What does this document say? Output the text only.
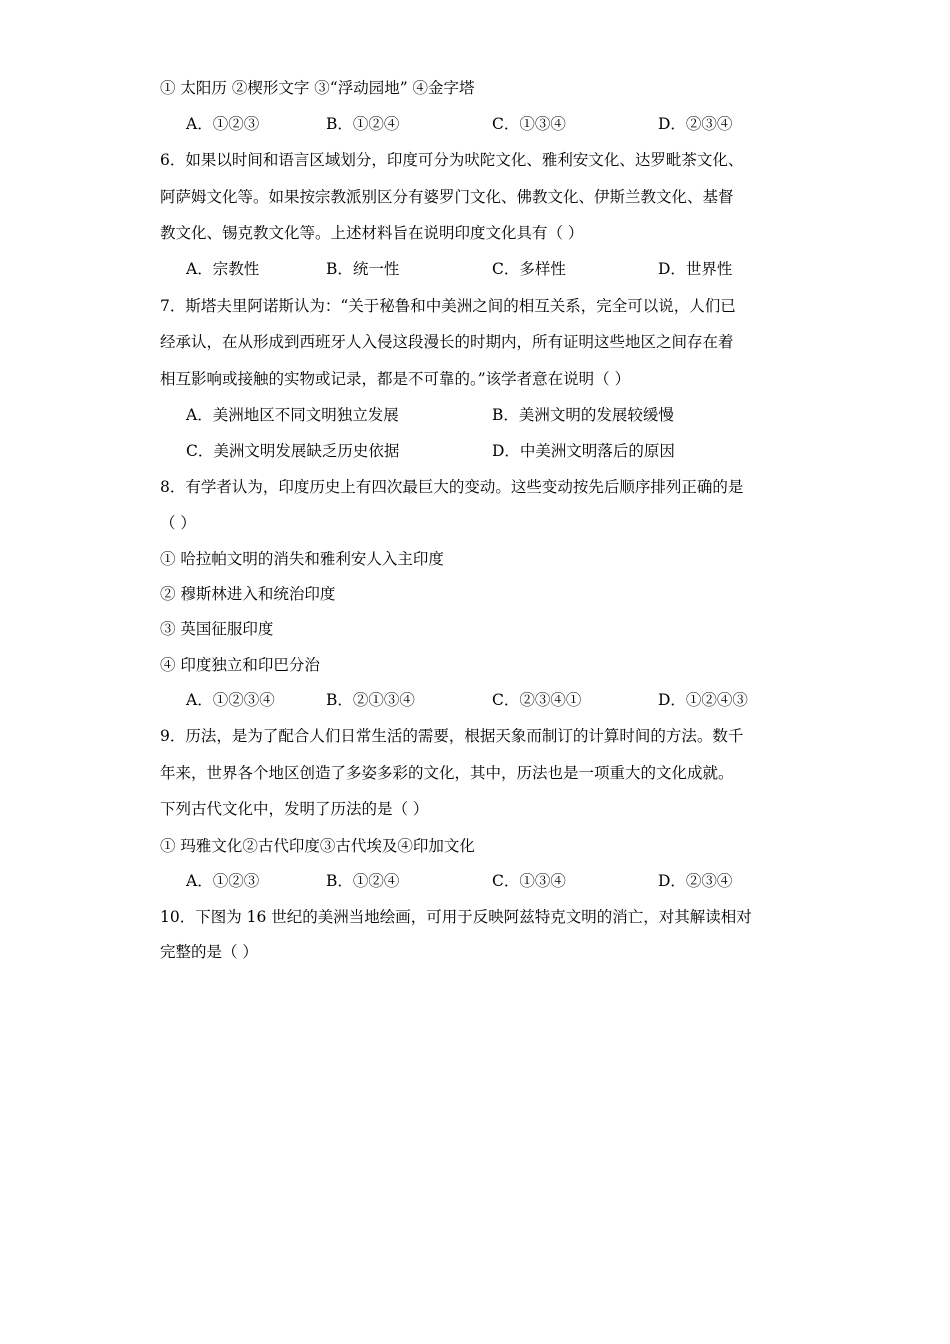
① 太阳历 ②楔形文字 ③“浮动园地” ④金字塔
A．①②③	B．①②④	C．①③④	D．②③④
6．如果以时间和语言区域划分，印度可分为吠陀文化、雅利安文化、达罗毗茶文化、
阿萨姆文化等。如果按宗教派别区分有婆罗门文化、佛教文化、伊斯兰教文化、基督
教文化、锡克教文化等。上述材料旨在说明印度文化具有（ ）
A．宗教性	B．统一性	C．多样性	D．世界性
7．斯塔夫里阿诺斯认为：“关于秘鲁和中美洲之间的相互关系，完全可以说，人们已
经承认，在从形成到西班牙人入侵这段漫长的时期内，所有证明这些地区之间存在着
相互影响或接触的实物或记录，都是不可靠的。”该学者意在说明（ ）
A．美洲地区不同文明独立发展	B．美洲文明的发展较缓慢
C．美洲文明发展缺乏历史依据	D．中美洲文明落后的原因
8．有学者认为，印度历史上有四次最巨大的变动。这些变动按先后顺序排列正确的是
（ ）
① 哈拉帕文明的消失和雅利安人入主印度
② 穆斯林进入和统治印度
③ 英国征服印度
④ 印度独立和印巴分治
A．①②③④	B．②①③④	C．②③④①	D．①②④③
9．历法，是为了配合人们日常生活的需要，根据天象而制订的计算时间的方法。数千
年来，世界各个地区创造了多姿多彩的文化，其中，历法也是一项重大的文化成就。
下列古代文化中，发明了历法的是（ ）
① 玛雅文化②古代印度③古代埃及④印加文化
A．①②③	B．①②④	C．①③④	D．②③④
10．下图为 16 世纪的美洲当地绘画，可用于反映阿兹特克文明的消亡，对其解读相对
完整的是（ ）
